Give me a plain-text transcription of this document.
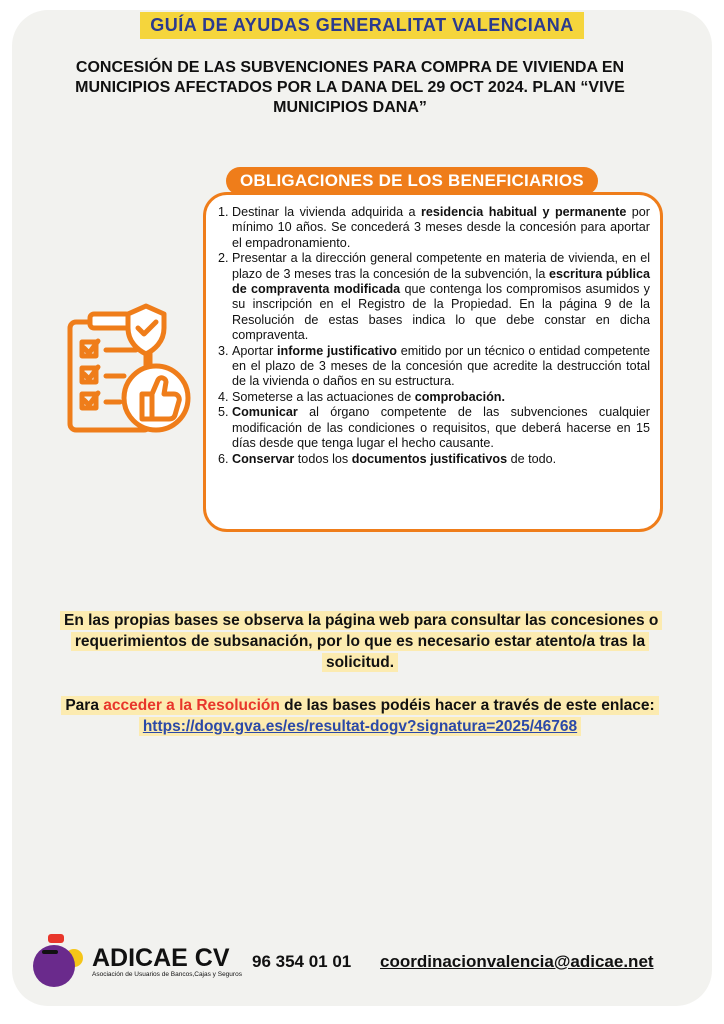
GUÍA DE AYUDAS GENERALITAT VALENCIANA
CONCESIÓN DE LAS SUBVENCIONES PARA COMPRA DE VIVIENDA EN MUNICIPIOS AFECTADOS POR LA DANA DEL 29 OCT 2024. PLAN “VIVE MUNICIPIOS DANA”
OBLIGACIONES DE LOS BENEFICIARIOS
1. Destinar la vivienda adquirida a residencia habitual y permanente por mínimo 10 años. Se concederá 3 meses desde la concesión para aportar el empadronamiento.
2. Presentar a la dirección general competente en materia de vivienda, en el plazo de 3 meses tras la concesión de la subvención, la escritura pública de compraventa modificada que contenga los compromisos asumidos y su inscripción en el Registro de la Propiedad. En la página 9 de la Resolución de estas bases indica lo que debe constar en dicha compraventa.
3. Aportar informe justificativo emitido por un técnico o entidad competente en el plazo de 3 meses de la concesión que acredite la destrucción total de la vivienda o daños en su estructura.
4. Someterse a las actuaciones de comprobación.
5. Comunicar al órgano competente de las subvenciones cualquier modificación de las condiciones o requisitos, que deberá hacerse en 15 días desde que tenga lugar el hecho causante.
6. Conservar todos los documentos justificativos de todo.
En las propias bases se observa la página web para consultar las concesiones o requerimientos de subsanación, por lo que es necesario estar atento/a tras la solicitud.
Para acceder a la Resolución de las bases podéis hacer a través de este enlace:
https://dogv.gva.es/es/resultat-dogv?signatura=2025/46768
ADICAE CV
Asociación de Usuarios de Bancos,Cajas y Seguros
96 354 01 01 coordinacionvalencia@adicae.net
